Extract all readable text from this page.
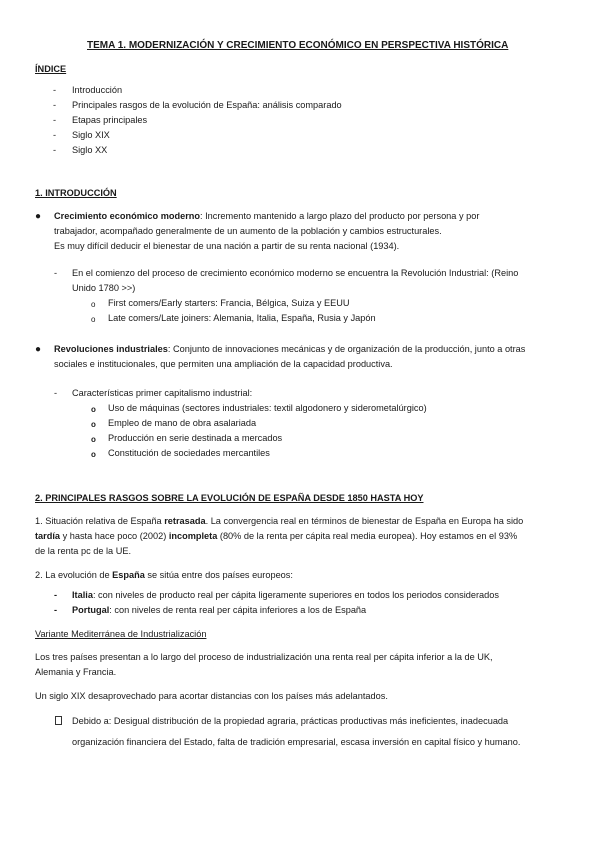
TEMA 1. MODERNIZACIÓN Y CRECIMIENTO ECONÓMICO EN PERSPECTIVA HISTÓRICA
ÍNDICE
- Introducción
- Principales rasgos de la evolución de España: análisis comparado
- Etapas principales
- Siglo XIX
- Siglo XX
1. INTRODUCCIÓN
● Crecimiento económico moderno: Incremento mantenido a largo plazo del producto por persona y por
trabajador, acompañado generalmente de un aumento de la población y cambios estructurales.
Es muy difícil deducir el bienestar de una nación a partir de su renta nacional (1934).
- En el comienzo del proceso de crecimiento económico moderno se encuentra la Revolución Industrial: (Reino
Unido 1780 >>)
o First comers/Early starters: Francia, Bélgica, Suiza y EEUU
o Late comers/Late joiners: Alemania, Italia, España, Rusia y Japón
● Revoluciones industriales: Conjunto de innovaciones mecánicas y de organización de la producción, junto a otras
sociales e institucionales, que permiten una ampliación de la capacidad productiva.
- Características primer capitalismo industrial:
o Uso de máquinas (sectores industriales: textil algodonero y siderometalúrgico)
o Empleo de mano de obra asalariada
o Producción en serie destinada a mercados
o Constitución de sociedades mercantiles
2. PRINCIPALES RASGOS SOBRE LA EVOLUCIÓN DE ESPAÑA DESDE 1850 HASTA HOY
1. Situación relativa de España retrasada. La convergencia real en términos de bienestar de España en Europa ha sido
tardía y hasta hace poco (2002) incompleta (80% de la renta per cápita real media europea). Hoy estamos en el 93%
de la renta pc de la UE.
2. La evolución de España se sitúa entre dos países europeos:
- Italia: con niveles de producto real per cápita ligeramente superiores en todos los periodos considerados
- Portugal: con niveles de renta real per cápita inferiores a los de España
Variante Mediterránea de Industrialización
Los tres países presentan a lo largo del proceso de industrialización una renta real per cápita inferior a la de UK,
Alemania y Francia.
Un siglo XIX desaprovechado para acortar distancias con los países más adelantados.
Debido a: Desigual distribución de la propiedad agraria, prácticas productivas más ineficientes, inadecuada
organización financiera del Estado, falta de tradición empresarial, escasa inversión en capital físico y humano.
